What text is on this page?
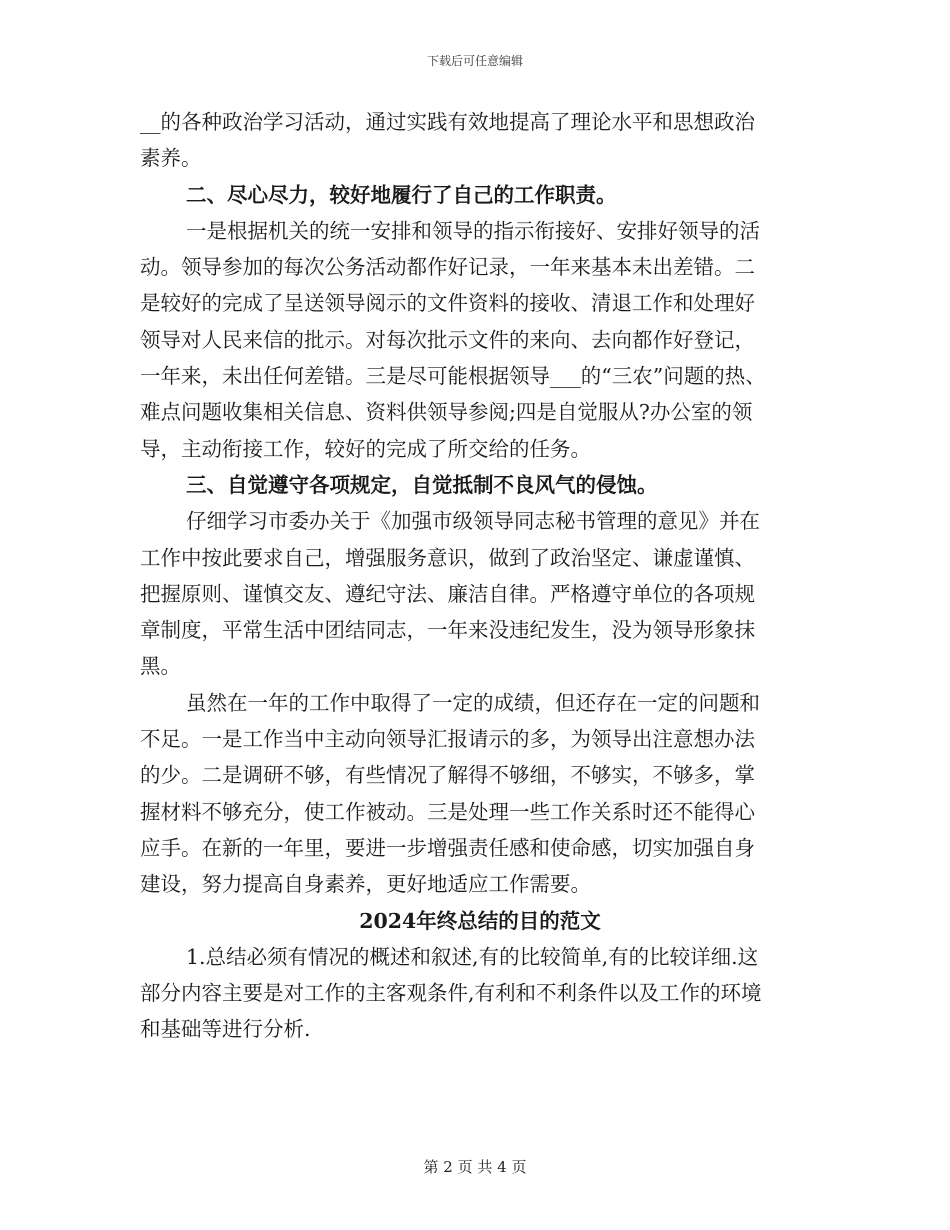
下载后可任意编辑

__的各种政治学习活动，通过实践有效地提高了理论水平和思想政治

素养。

二、尽心尽力，较好地履行了自己的工作职责。

一是根据机关的统一安排和领导的指示衔接好、安排好领导的活

动。领导参加的每次公务活动都作好记录，一年来基本未出差错。二

是较好的完成了呈送领导阅示的文件资料的接收、清退工作和处理好

领导对人民来信的批示。对每次批示文件的来向、去向都作好登记，

一年来，未出任何差错。三是尽可能根据领导___的“三农”问题的热、

难点问题收集相关信息、资料供领导参阅;四是自觉服从?办公室的领

导，主动衔接工作，较好的完成了所交给的任务。

三、自觉遵守各项规定，自觉抵制不良风气的侵蚀。

仔细学习市委办关于《加强市级领导同志秘书管理的意见》并在

工作中按此要求自己，增强服务意识，做到了政治坚定、谦虚谨慎、

把握原则、谨慎交友、遵纪守法、廉洁自律。严格遵守单位的各项规

章制度，平常生活中团结同志，一年来没违纪发生，没为领导形象抹

黑。

虽然在一年的工作中取得了一定的成绩，但还存在一定的问题和

不足。一是工作当中主动向领导汇报请示的多，为领导出注意想办法

的少。二是调研不够，有些情况了解得不够细，不够实，不够多，掌

握材料不够充分，使工作被动。三是处理一些工作关系时还不能得心

应手。在新的一年里，要进一步增强责任感和使命感，切实加强自身

建设，努力提高自身素养，更好地适应工作需要。

2024年终总结的目的范文

1.总结必须有情况的概述和叙述,有的比较简单,有的比较详细.这

部分内容主要是对工作的主客观条件,有利和不利条件以及工作的环境

和基础等进行分析.

第 2 页 共 4 页
